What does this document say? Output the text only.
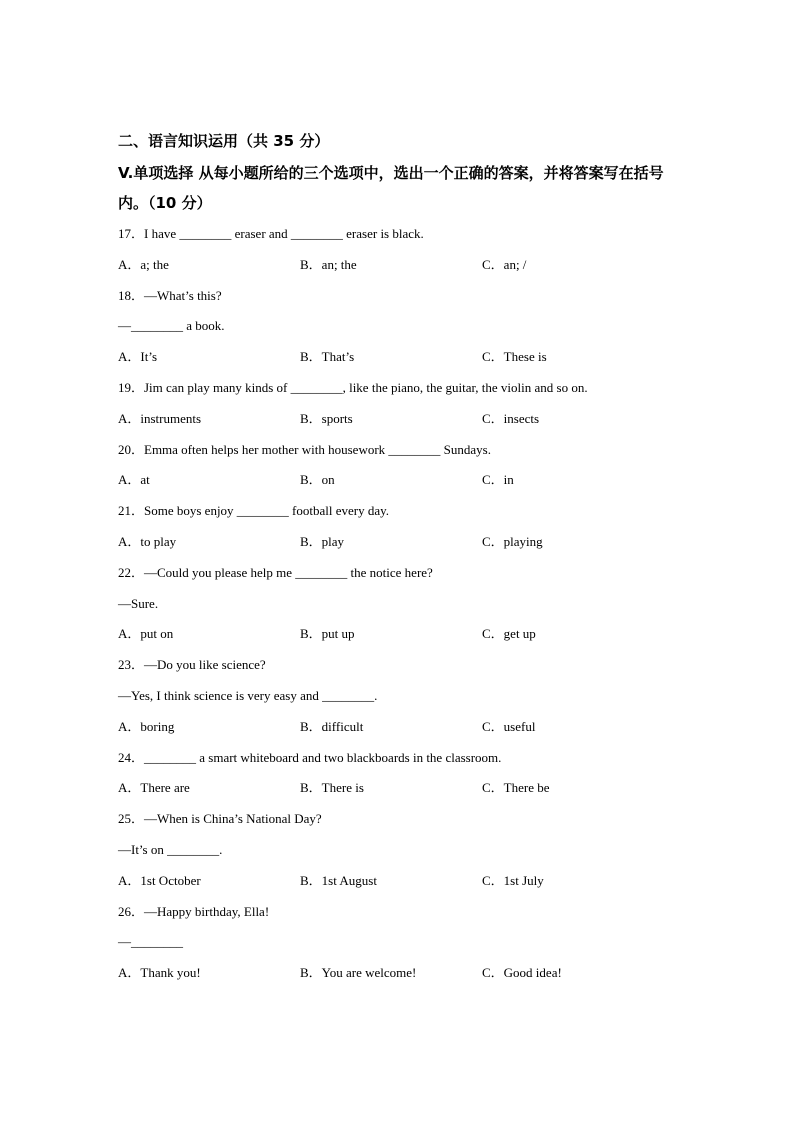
二、语言知识运用（共 35 分）
V.单项选择 从每小题所给的三个选项中，选出一个正确的答案，并将答案写在括号内。（10 分）
17．I have ________ eraser and ________ eraser is black.
A．a; the	B．an; the	C．an; /
18．—What’s this?
—________ a book.
A．It’s	B．That’s	C．These is
19．Jim can play many kinds of ________, like the piano, the guitar, the violin and so on.
A．instruments	B．sports	C．insects
20．Emma often helps her mother with housework ________ Sundays.
A．at	B．on	C．in
21．Some boys enjoy ________ football every day.
A．to play	B．play	C．playing
22．—Could you please help me ________ the notice here?
—Sure.
A．put on	B．put up	C．get up
23．—Do you like science?
—Yes, I think science is very easy and ________.
A．boring	B．difficult	C．useful
24．________ a smart whiteboard and two blackboards in the classroom.
A．There are	B．There is	C．There be
25．—When is China’s National Day?
—It’s on ________.
A．1st October	B．1st August	C．1st July
26．—Happy birthday, Ella!
—________
A．Thank you!	B．You are welcome!	C．Good idea!
